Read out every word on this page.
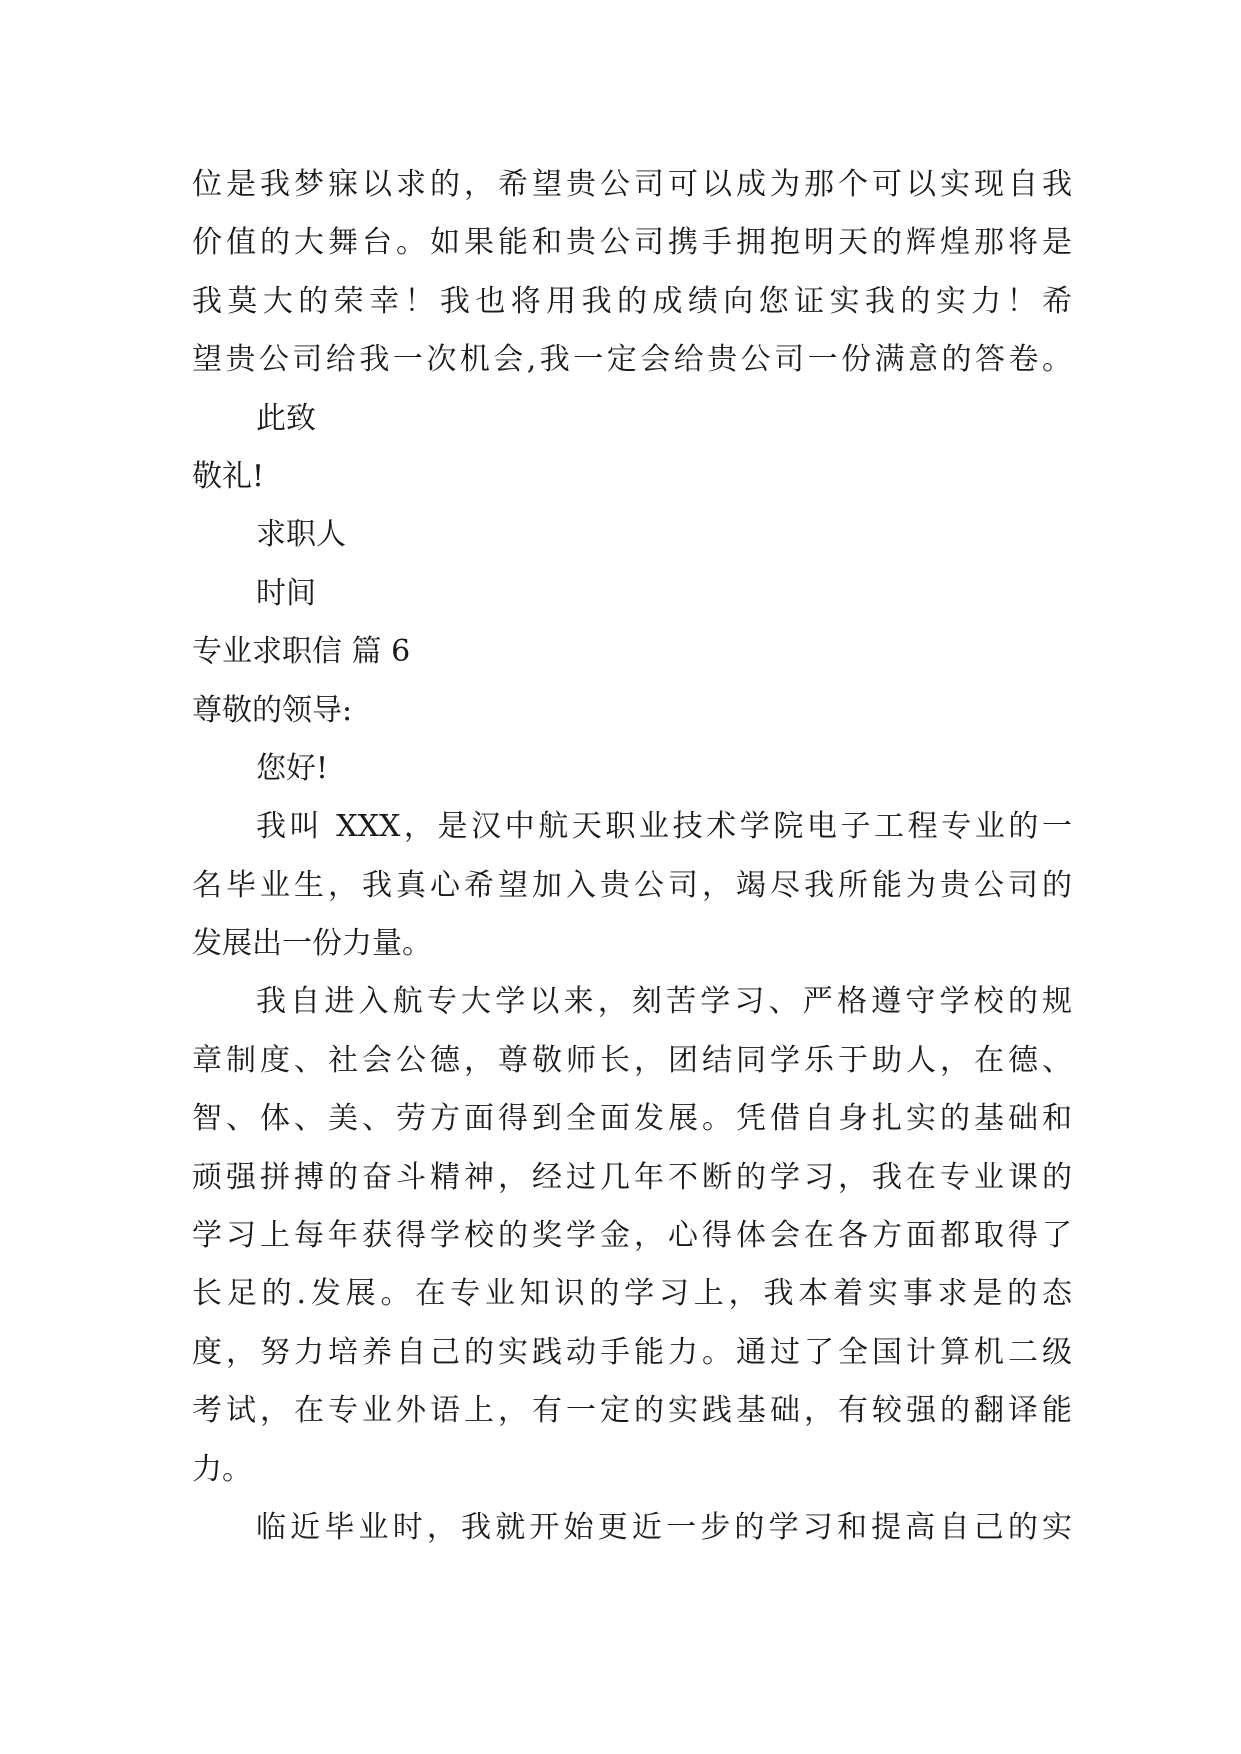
位是我梦寐以求的，希望贵公司可以成为那个可以实现自我
价值的大舞台。如果能和贵公司携手拥抱明天的辉煌那将是
我莫大的荣幸！我也将用我的成绩向您证实我的实力！希
望贵公司给我一次机会,我一定会给贵公司一份满意的答卷。
此致
敬礼!
求职人
时间
专业求职信 篇 6
尊敬的领导:
您好!
我叫 XXX，是汉中航天职业技术学院电子工程专业的一
名毕业生，我真心希望加入贵公司，竭尽我所能为贵公司的
发展出一份力量。
我自进入航专大学以来，刻苦学习、严格遵守学校的规
章制度、社会公德，尊敬师长，团结同学乐于助人，在德、
智、体、美、劳方面得到全面发展。凭借自身扎实的基础和
顽强拼搏的奋斗精神，经过几年不断的学习，我在专业课的
学习上每年获得学校的奖学金，心得体会在各方面都取得了
长足的.发展。在专业知识的学习上，我本着实事求是的态
度，努力培养自己的实践动手能力。通过了全国计算机二级
考试，在专业外语上，有一定的实践基础，有较强的翻译能
力。
临近毕业时，我就开始更近一步的学习和提高自己的实
